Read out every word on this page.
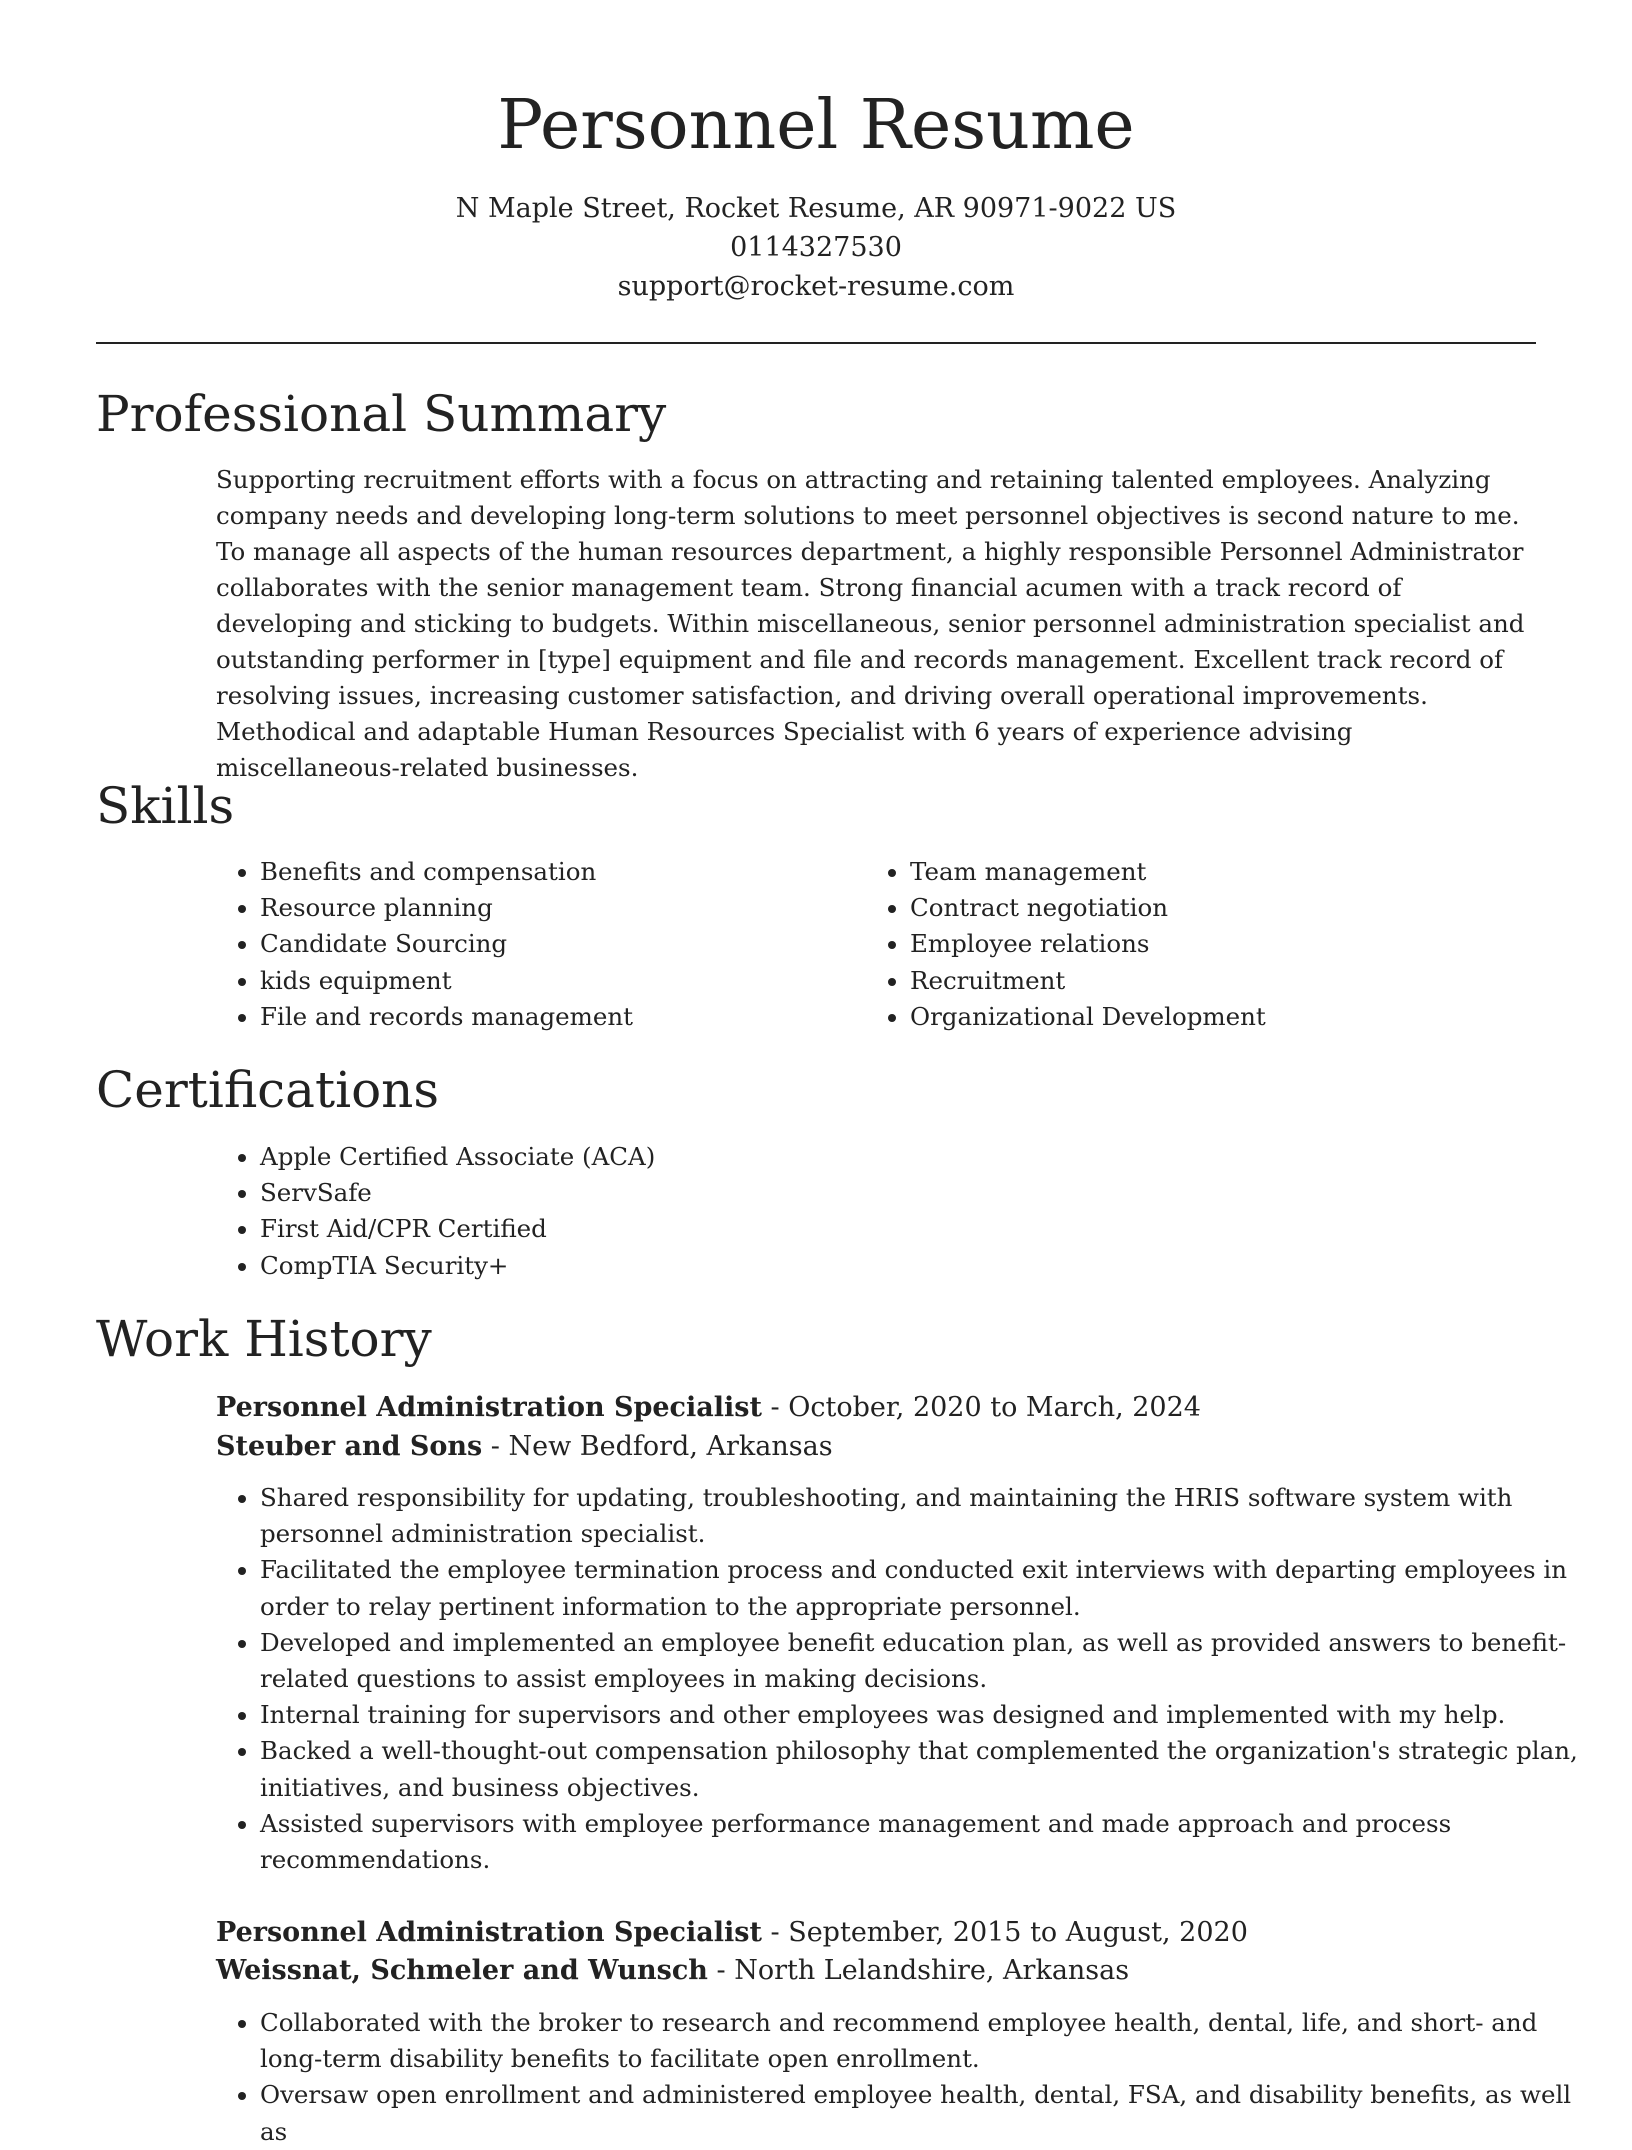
Personnel Resume

N Maple Street, Rocket Resume, AR 90971-9022 US

0114327530

support@rocket-resume.com

Professional Summary

Supporting recruitment efforts with a focus on attracting and retaining talented employees. Analyzing company needs and developing long-term solutions to meet personnel objectives is second nature to me. To manage all aspects of the human resources department, a highly responsible Personnel Administrator collaborates with the senior management team. Strong financial acumen with a track record of developing and sticking to budgets. Within miscellaneous, senior personnel administration specialist and outstanding performer in [type] equipment and file and records management. Excellent track record of resolving issues, increasing customer satisfaction, and driving overall operational improvements. Methodical and adaptable Human Resources Specialist with 6 years of experience advising miscellaneous-related businesses.

Skills
• Benefits and compensation
• Resource planning
• Candidate Sourcing
• kids equipment
• File and records management
• Team management
• Contract negotiation
• Employee relations
• Recruitment
• Organizational Development
Certifications
• Apple Certified Associate (ACA)
• ServSafe
• First Aid/CPR Certified
• CompTIA Security+
Work History

Personnel Administration Specialist - October, 2020 to March, 2024

Steuber and Sons - New Bedford, Arkansas

• Shared responsibility for updating, troubleshooting, and maintaining the HRIS software system with personnel administration specialist.
• Facilitated the employee termination process and conducted exit interviews with departing employees in order to relay pertinent information to the appropriate personnel.
• Developed and implemented an employee benefit education plan, as well as provided answers to benefit-related questions to assist employees in making decisions.
• Internal training for supervisors and other employees was designed and implemented with my help.
• Backed a well-thought-out compensation philosophy that complemented the organization's strategic plan, initiatives, and business objectives.
• Assisted supervisors with employee performance management and made approach and process recommendations.

Personnel Administration Specialist - September, 2015 to August, 2020

Weissnat, Schmeler and Wunsch - North Lelandshire, Arkansas

• Collaborated with the broker to research and recommend employee health, dental, life, and short- and long-term disability benefits to facilitate open enrollment.
• Oversaw open enrollment and administered employee health, dental, FSA, and disability benefits, as well as
